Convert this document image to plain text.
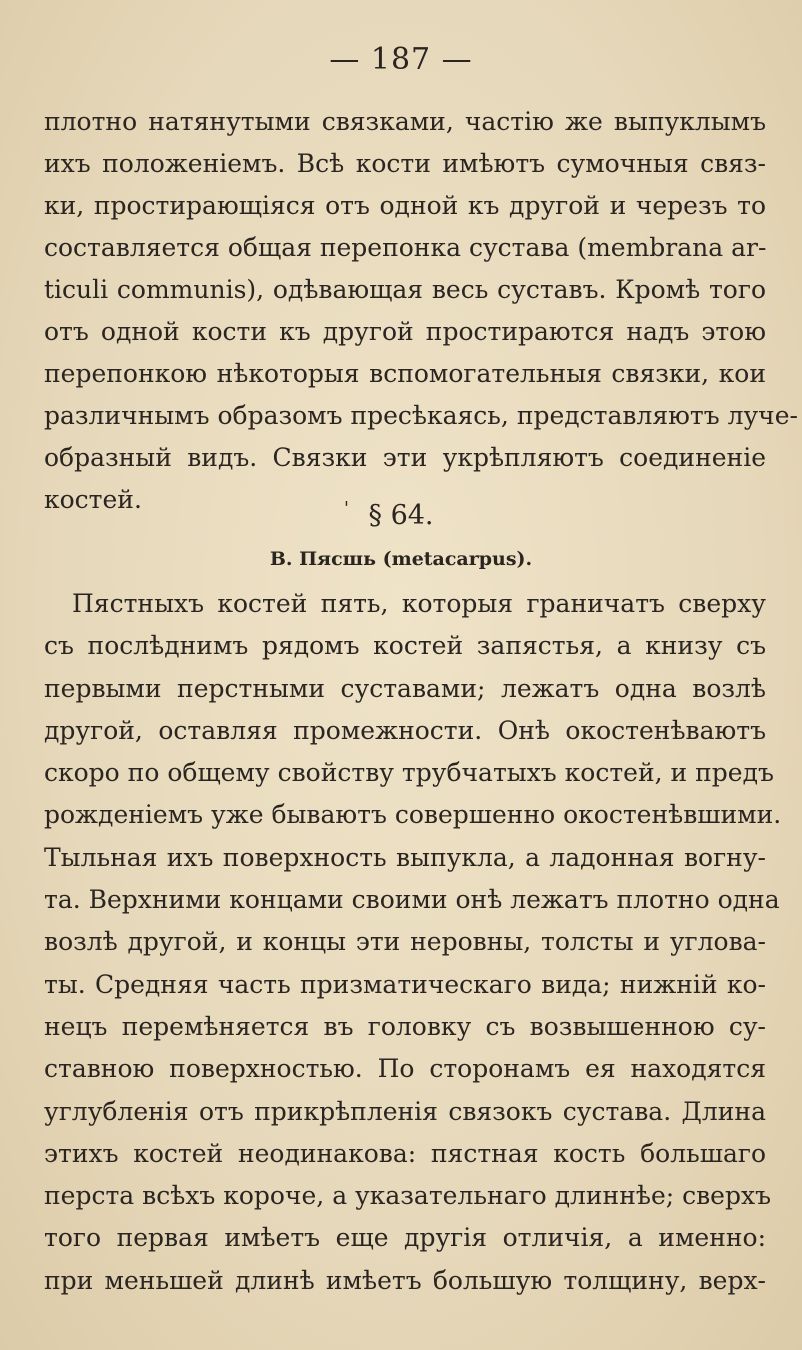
— 187 —
плотно натянутыми связками, частію же выпуклымъ
ихъ положеніемъ. Всѣ кости имѣютъ сумочныя связ-
ки, простирающіяся отъ одной къ другой и черезъ то
составляется общая перепонка сустава (membrana ar-
ticuli communis), одѣвающая весь суставъ. Кромѣ того
отъ одной кости къ другой простираются надъ этою
перепонкою нѣкоторыя вспомогательныя связки, кои
различнымъ образомъ пресѣкаясь, представляютъ луче-
образный видъ. Связки эти укрѣпляютъ соединеніе
костей.	' § 64.
B. Пясшь (metacarpus).
Пястныхъ костей пять, которыя граничатъ сверху
съ послѣднимъ рядомъ костей запястья, а книзу съ
первыми перстными суставами; лежатъ одна возлѣ
другой, оставляя промежности. Онѣ окостенѣваютъ
скоро по общему свойству трубчатыхъ костей, и предъ
рожденіемъ уже бываютъ совершенно окостенѣвшими.
Тыльная ихъ поверхность выпукла, а ладонная вогну-
та. Верхними концами своими онѣ лежатъ плотно одна
возлѣ другой, и концы эти неровны, толсты и углова-
ты. Средняя часть призматическаго вида; нижній ко-
нецъ перемѣняется въ головку съ возвышенною су-
ставною поверхностью. По сторонамъ ея находятся
углубленія отъ прикрѣпленія связокъ сустава. Длина
этихъ костей неодинакова: пястная кость большаго
перста всѣхъ короче, а указательнаго длиннѣе; сверхъ
того первая имѣетъ еще другія отличія, а именно:
при меньшей длинѣ имѣетъ большую толщину, верх-
